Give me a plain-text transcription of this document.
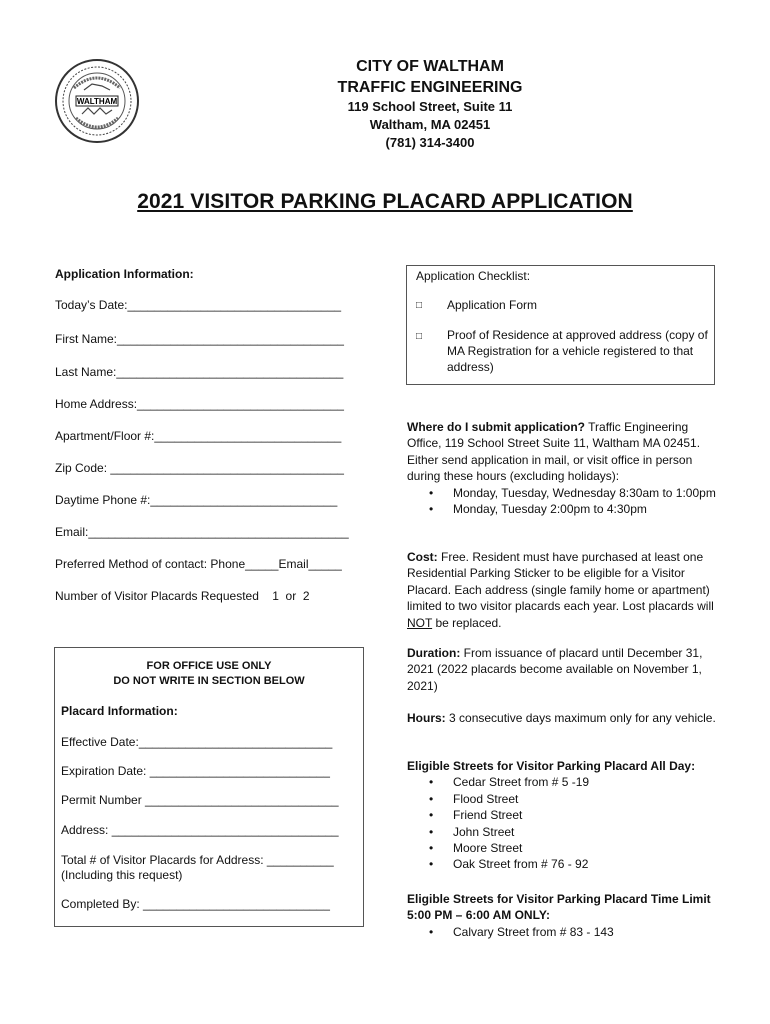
WALTHAM
CITY OF WALTHAM
TRAFFIC ENGINEERING
119 School Street, Suite 11
Waltham, MA 02451
(781) 314-3400
2021 VISITOR PARKING PLACARD APPLICATION
Application Information:
Today’s Date:________________________________
First Name:__________________________________
Last Name:__________________________________
Home Address:_______________________________
Apartment/Floor #:____________________________
Zip Code: ___________________________________
Daytime Phone #:____________________________
Email:_______________________________________
Preferred Method of contact: Phone_____Email_____
Number of Visitor Placards Requested    1  or  2
Application Checklist:
□ Application Form
□ Proof of Residence at approved address (copy of MA Registration for a vehicle registered to that address)
FOR OFFICE USE ONLY
DO NOT WRITE IN SECTION BELOW
Placard Information:
Effective Date:_____________________________
Expiration Date: ___________________________
Permit Number _____________________________
Address: __________________________________
Total # of Visitor Placards for Address: __________
(Including this request)
Completed By: ____________________________

Where do I submit application? Traffic Engineering Office, 119 School Street Suite 11, Waltham MA 02451. Either send application in mail, or visit office in person during these hours (excluding holidays):

• Monday, Tuesday, Wednesday 8:30am to 1:00pm
• Monday, Tuesday 2:00pm to 4:30pm

Cost: Free. Resident must have purchased at least one Residential Parking Sticker to be eligible for a Visitor Placard. Each address (single family home or apartment) limited to two visitor placards each year. Lost placards will NOT be replaced.

Duration: From issuance of placard until December 31, 2021 (2022 placards become available on November 1, 2021)

Hours: 3 consecutive days maximum only for any vehicle.

Eligible Streets for Visitor Parking Placard All Day:

• Cedar Street from # 5 -19
• Flood Street
• Friend Street
• John Street
• Moore Street
• Oak Street from # 76 - 92

Eligible Streets for Visitor Parking Placard Time Limit 5:00 PM – 6:00 AM ONLY:

• Calvary Street from # 83 - 143
